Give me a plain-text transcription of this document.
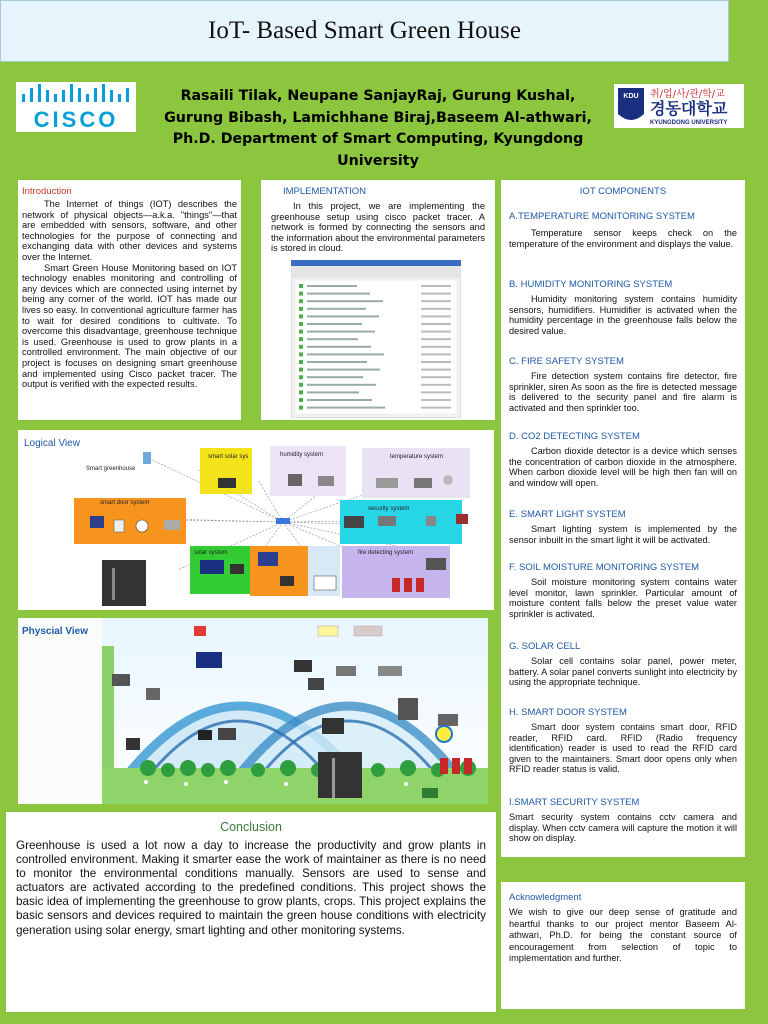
IoT- Based Smart Green House
CISCO
Rasaili Tilak, Neupane SanjayRaj, Gurung Kushal,
Gurung Bibash, Lamichhane Biraj,Baseem Al-athwari,
Ph.D. Department of Smart Computing, Kyungdong
University
KDU 취/업/사/관/학/교
경동대학교
KYUNGDONG UNIVERSITY
Introduction

The Internet of things (IOT) describes the network of physical objects—a.k.a. "things"—that are embedded with sensors, software, and other technologies for the purpose of connecting and exchanging data with other devices and systems over the Internet.

Smart Green House Monitoring based on IOT technology enables monitoring and controlling of any devices which are connected using internet by being any corner of the world. IOT has made our lives so easy. In conventional agriculture farmer has to wait for desired conditions to cultivate. To overcome this disadvantage, greenhouse technique is used. Greenhouse is used to grow plants in a controlled environment. The main objective of our project is focuses on designing smart greenhouse and implemented using Cisco packet tracer. The output is verified with the expected results.

IMPLEMENTATION

In this project, we are implementing the greenhouse setup using cisco packet tracer. A network is formed by connecting the sensors and the information about the environmental parameters is stored in cloud.

IOT COMPONENTS
A.TEMPERATURE MONITORING SYSTEM

Temperature sensor keeps check on the temperature of the environment and displays the value.

B. HUMIDITY MONITORING SYSTEM

Humidity monitoring system contains humidity sensors, humidifiers. Humidifier is activated when the humidity percentage in the greenhouse falls below the desired value.

C. FIRE SAFETY SYSTEM

Fire detection system contains fire detector, fire sprinkler, siren As soon as the fire is detected message is delivered to the security panel and fire alarm is activated and then sprinkler too.

D. CO2 DETECTING SYSTEM

Carbon dioxide detector is a device which senses the concentration of carbon dioxide in the atmosphere. When carbon dioxide level will be high then fan will on and window will open.

E. SMART LIGHT SYSTEM

Smart lighting system is implemented by the sensor inbuilt in the smart light it will be activated.

F. SOIL MOISTURE MONITORING SYSTEM

Soil moisture monitoring system contains water level monitor, lawn sprinkler. Particular amount of moisture content falls below the preset value water sprinkler is activated.

G. SOLAR CELL

Solar cell contains solar panel, power meter, battery. A solar panel converts sunlight into electricity by using the appropriate technique.

H. SMART DOOR SYSTEM

Smart door system contains smart door, RFID reader, RFID card. RFID (Radio frequency identification) reader is used to read the RFID card given to the maintainers. Smart door opens only when RFID reader status is valid.

I.SMART SECURITY SYSTEM

Smart security system contains cctv camera and display. When cctv camera will capture the motion it will show on display.

Logical View
Smart greenhouse
smart solar sys	humidity system	temperature system
smart door system
security system
solar system	fire detecting system
Physcial View
Conclusion

Greenhouse is used a lot now a day to increase the productivity and grow plants in controlled environment. Making it smarter ease the work of maintainer as there is no need to monitor the environmental conditions manually. Sensors are used to sense and actuators are activated according to the predefined conditions. This project shows the basic idea of implementing the greenhouse to grow plants, crops. This project explains the basic sensors and devices required to maintain the green house conditions with electricity generation using solar energy, smart lighting and other monitoring systems.

Acknowledgment

We wish to give our deep sense of gratitude and heartful thanks to our project mentor Baseem Al-athwari, Ph.D. for being the constant source of encouragement from selection of topic to implementation and further.
